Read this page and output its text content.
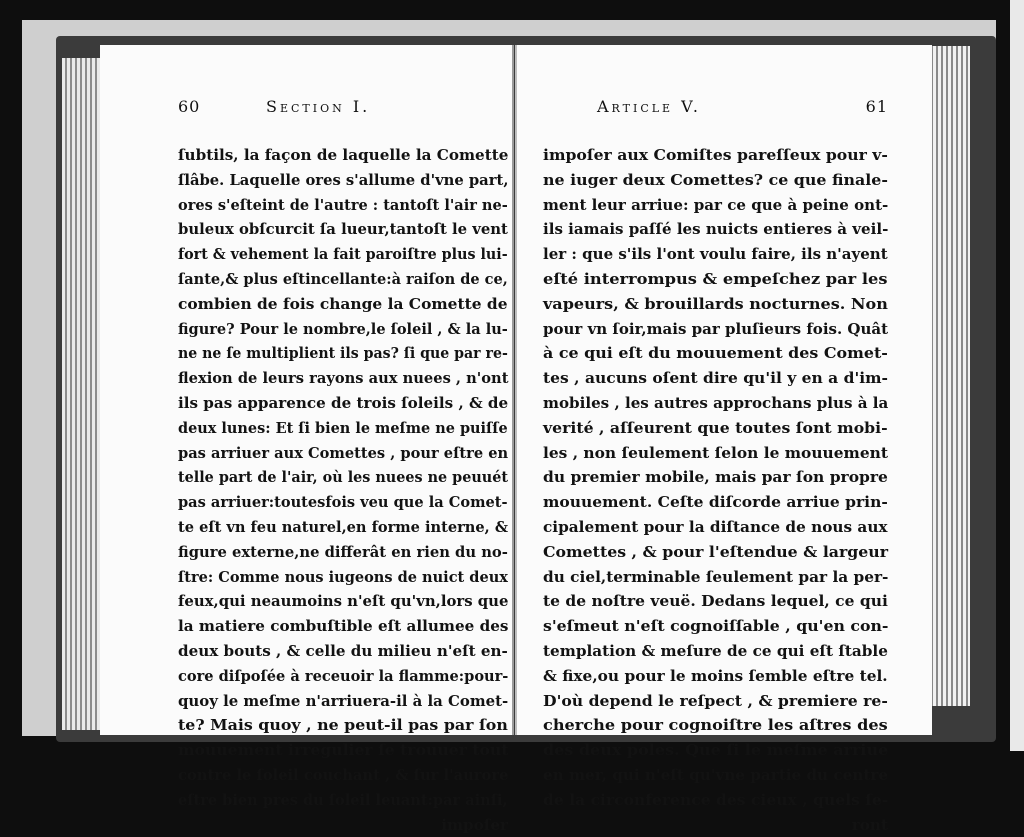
60	Section I.
ſubtils, la façon de laquelle la Comette
ſlâbe. Laquelle ores s'allume d'vne part,
ores s'eſteint de l'autre : tantoſt l'air ne-
buleux obſcurcit ſa lueur,tantoſt le vent
fort & vehement la fait paroiſtre plus lui-
ſante,& plus eſtincellante:à raiſon de ce,
combien de fois change la Comette de
figure? Pour le nombre,le ſoleil , & la lu-
ne ne ſe multiplient ils pas? ſi que par re-
flexion de leurs rayons aux nuees , n'ont
ils pas apparence de trois ſoleils , & de
deux lunes: Et ſi bien le meſme ne puiſſe
pas arriuer aux Comettes , pour eſtre en
telle part de l'air, où les nuees ne peuuét
pas arriuer:toutesfois veu que la Comet-
te eſt vn feu naturel,en forme interne, &
figure externe,ne differât en rien du no-
ſtre: Comme nous iugeons de nuict deux
feux,qui neaumoins n'eſt qu'vn,lors que
la matiere combuſtible eſt allumee des
deux bouts , & celle du milieu n'eſt en-
core diſpoſée à receuoir la flamme:pour-
quoy le meſme n'arriuera-il à la Comet-
te? Mais quoy , ne peut-il pas par ſon
mouuement irregulier ſe trouuer tout
contre le ſoleil couchant , & ſur l'aurore
eſtre bien pres du ſoleil leuant:par ainſi,
impoſer
Article V.	61
impoſer aux Comiſtes pareſſeux pour v-
ne iuger deux Comettes? ce que finale-
ment leur arriue: par ce que à peine ont-
ils iamais paſſé les nuicts entieres à veil-
ler : que s'ils l'ont voulu faire, ils n'ayent
eſté interrompus & empeſchez par les
vapeurs, & brouillards nocturnes. Non
pour vn ſoir,mais par pluſieurs fois. Quât
à ce qui eſt du mouuement des Comet-
tes , aucuns oſent dire qu'il y en a d'im-
mobiles , les autres approchans plus à la
verité , aſſeurent que toutes ſont mobi-
les , non ſeulement ſelon le mouuement
du premier mobile, mais par ſon propre
mouuement. Ceſte diſcorde arriue prin-
cipalement pour la diſtance de nous aux
Comettes , & pour l'eſtendue & largeur
du ciel,terminable ſeulement par la per-
te de noſtre veuë. Dedans lequel, ce qui
s'eſmeut n'eſt cognoiſſable , qu'en con-
templation & meſure de ce qui eſt ſtable
& fixe,ou pour le moins ſemble eſtre tel.
D'où depend le reſpect , & premiere re-
cherche pour cognoiſtre les aſtres des
des deux poles. Que ſi le meſme arriue
en mer, qui n'eſt qu'vne partie du centre
de la circonference des cieux , quels ſe-
ront
